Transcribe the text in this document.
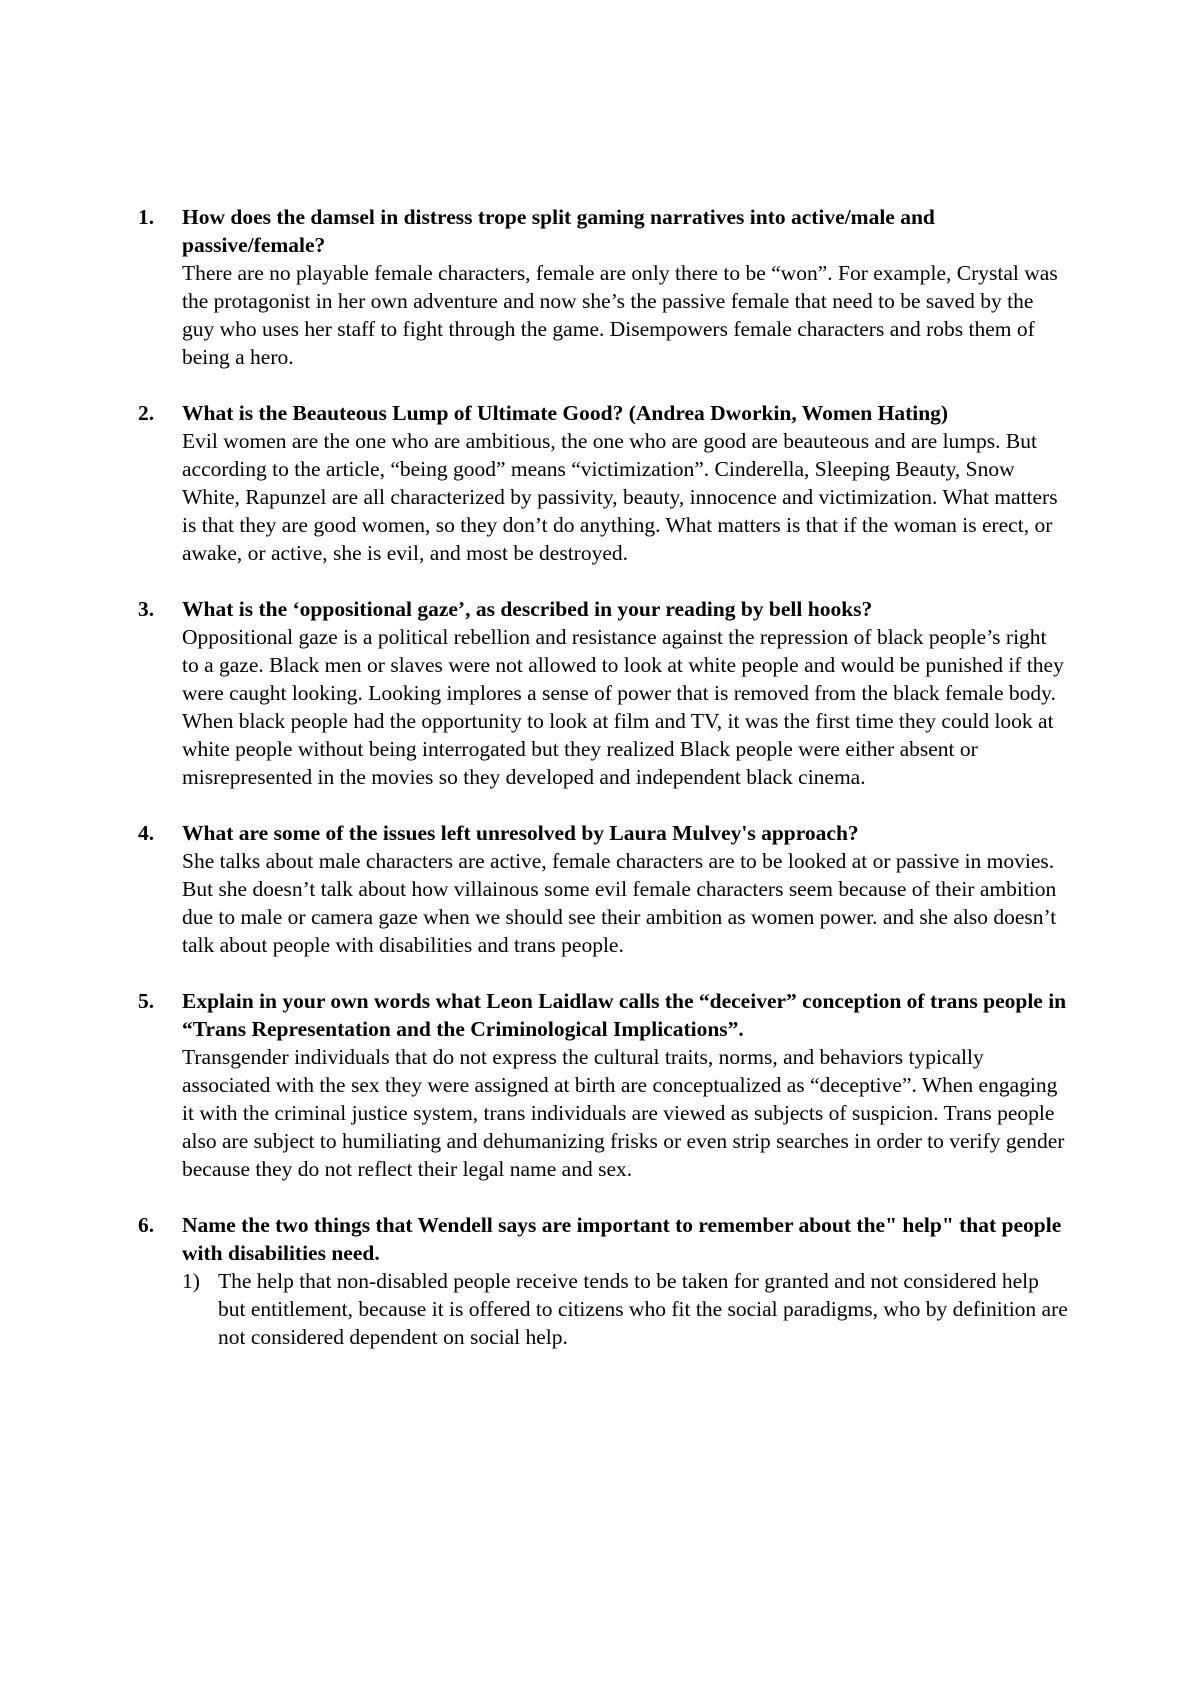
1.	How does the damsel in distress trope split gaming narratives into active/male and passive/female?

There are no playable female characters, female are only there to be “won”. For example, Crystal was the protagonist in her own adventure and now she’s the passive female that need to be saved by the guy who uses her staff to fight through the game. Disempowers female characters and robs them of being a hero.

2.	What is the Beauteous Lump of Ultimate Good? (Andrea Dworkin, Women Hating)

Evil women are the one who are ambitious, the one who are good are beauteous and are lumps. But according to the article, “being good” means “victimization”. Cinderella, Sleeping Beauty, Snow White, Rapunzel are all characterized by passivity, beauty, innocence and victimization. What matters is that they are good women, so they don’t do anything. What matters is that if the woman is erect, or awake, or active, she is evil, and most be destroyed.

3.	What is the ‘oppositional gaze’, as described in your reading by bell hooks?

Oppositional gaze is a political rebellion and resistance against the repression of black people’s right to a gaze. Black men or slaves were not allowed to look at white people and would be punished if they were caught looking. Looking implores a sense of power that is removed from the black female body. When black people had the opportunity to look at film and TV, it was the first time they could look at white people without being interrogated but they realized Black people were either absent or misrepresented in the movies so they developed and independent black cinema.

4.	What are some of the issues left unresolved by Laura Mulvey's approach?

She talks about male characters are active, female characters are to be looked at or passive in movies. But she doesn’t talk about how villainous some evil female characters seem because of their ambition due to male or camera gaze when we should see their ambition as women power. and she also doesn’t talk about people with disabilities and trans people.

5.	Explain in your own words what Leon Laidlaw calls the “deceiver” conception of trans people in “Trans Representation and the Criminological Implications”.

Transgender individuals that do not express the cultural traits, norms, and behaviors typically associated with the sex they were assigned at birth are conceptualized as “deceptive”. When engaging it with the criminal justice system, trans individuals are viewed as subjects of suspicion. Trans people also are subject to humiliating and dehumanizing frisks or even strip searches in order to verify gender because they do not reflect their legal name and sex.

6.	Name the two things that Wendell says are important to remember about the" help" that people with disabilities need.

1) The help that non-disabled people receive tends to be taken for granted and not considered help but entitlement, because it is offered to citizens who fit the social paradigms, who by definition are not considered dependent on social help.
